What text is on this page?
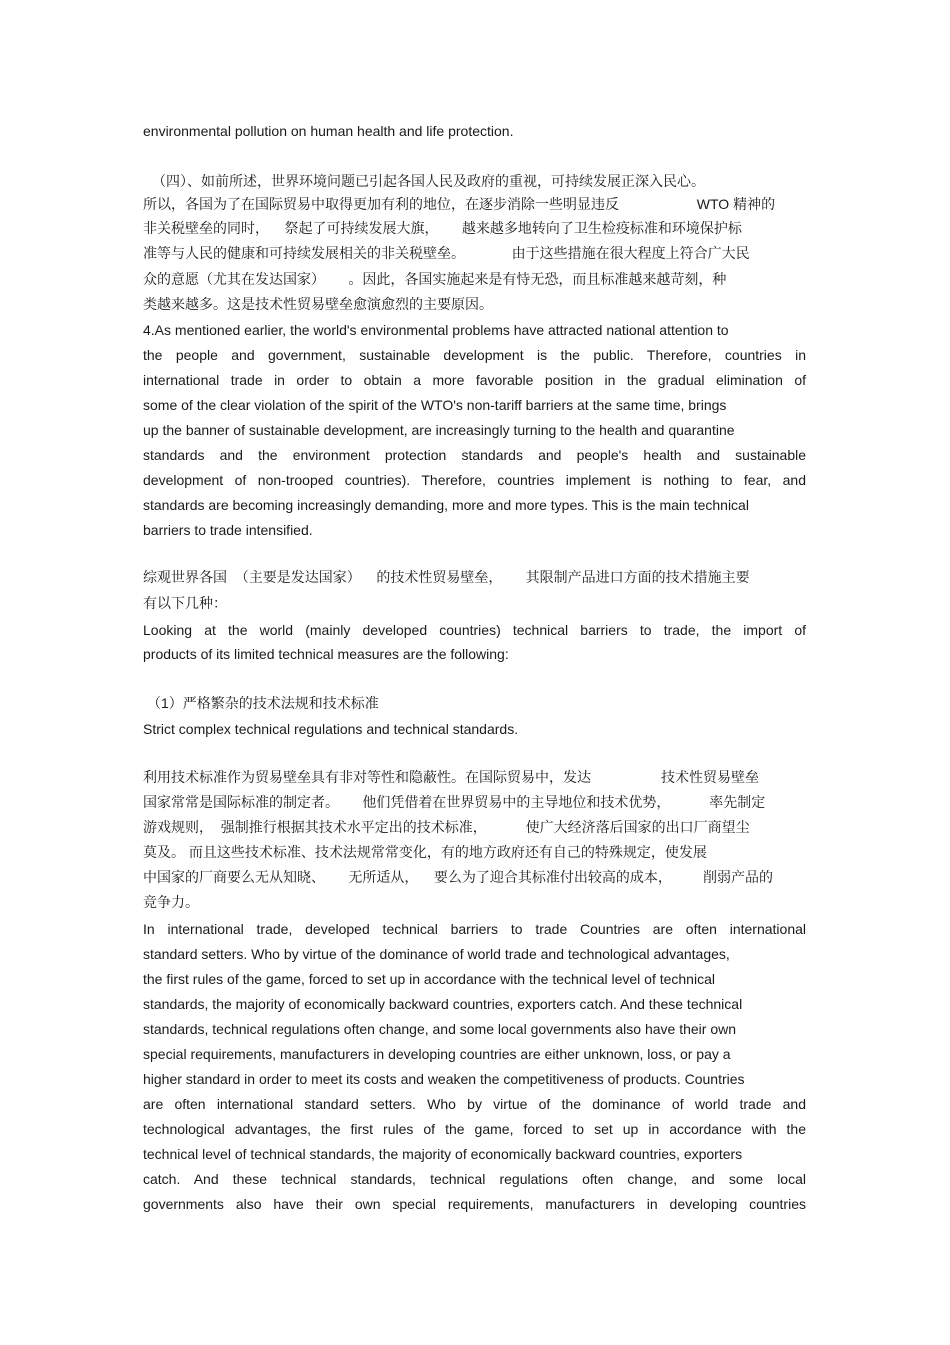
environmental pollution on human health and life protection.

（四）、如前所述，世界环境问题已引起各国人民及政府的重视，可持续发展正深入民心。

所以，各国为了在国际贸易中取得更加有利的地位，在逐步消除一些明显违反                    WTO 精神的

非关税壁垒的同时，    祭起了可持续发展大旗，      越来越多地转向了卫生检疫标准和环境保护标

准等与人民的健康和可持续发展相关的非关税壁垒。            由于这些措施在很大程度上符合广大民

众的意愿（尤其在发达国家）      。因此，各国实施起来是有恃无恐，而且标准越来越苛刻，种

类越来越多。这是技术性贸易壁垒愈演愈烈的主要原因。

4.As mentioned earlier, the world's environmental problems have attracted national attention to

the people and government, sustainable development is the public. Therefore, countries in

international trade in order to obtain a more favorable position in the gradual elimination of

some of the clear violation of the spirit of the WTO's non-tariff barriers at the same time, brings

up the banner of sustainable development, are increasingly turning to the health and quarantine

standards and the environment protection standards and people's health and sustainable

development of non-trooped countries). Therefore, countries implement is nothing to fear, and

standards are becoming increasingly demanding, more and more types. This is the main technical

barriers to trade intensified.

综观世界各国  （主要是发达国家）    的技术性贸易壁垒，      其限制产品进口方面的技术措施主要

有以下几种：

Looking at the world (mainly developed countries) technical barriers to trade, the import of

products of its limited technical measures are the following:

（1）严格繁杂的技术法规和技术标准

Strict complex technical regulations and technical standards.

利用技术标准作为贸易壁垒具有非对等性和隐蔽性。在国际贸易中，发达                  技术性贸易壁垒

国家常常是国际标准的制定者。      他们凭借着在世界贸易中的主导地位和技术优势，          率先制定

游戏规则，  强制推行根据其技术水平定出的技术标准，          使广大经济落后国家的出口厂商望尘

莫及。 而且这些技术标准、技术法规常常变化，有的地方政府还有自己的特殊规定，使发展

中国家的厂商要么无从知晓、      无所适从，    要么为了迎合其标准付出较高的成本，        削弱产品的

竞争力。

In international trade, developed technical barriers to trade Countries are often international

standard setters. Who by virtue of the dominance of world trade and technological advantages,

the first rules of the game, forced to set up in accordance with the technical level of technical

standards, the majority of economically backward countries, exporters catch. And these technical

standards, technical regulations often change, and some local governments also have their own

special requirements, manufacturers in developing countries are either unknown, loss, or pay a

higher standard in order to meet its costs and weaken the competitiveness of products. Countries

are often international standard setters. Who by virtue of the dominance of world trade and

technological advantages, the first rules of the game, forced to set up in accordance with the

technical level of technical standards, the majority of economically backward countries, exporters

catch. And these technical standards, technical regulations often change, and some local

governments also have their own special requirements, manufacturers in developing countries
